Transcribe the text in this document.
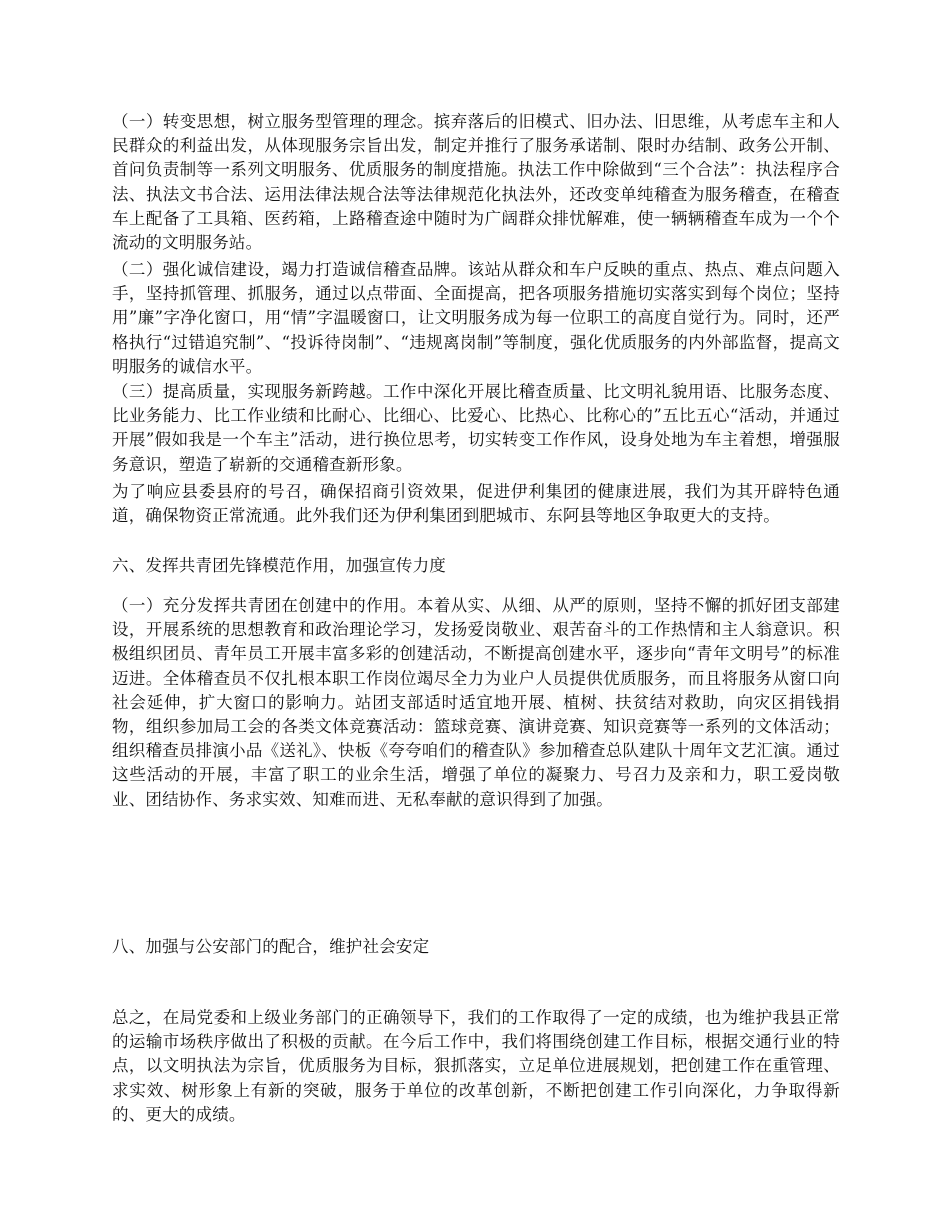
（一）转变思想，树立服务型管理的理念。摈弃落后的旧模式、旧办法、旧思维，从考虑车主和人民群众的利益出发，从体现服务宗旨出发，制定并推行了服务承诺制、限时办结制、政务公开制、首问负责制等一系列文明服务、优质服务的制度措施。执法工作中除做到“三个合法”：执法程序合法、执法文书合法、运用法律法规合法等法律规范化执法外，还改变单纯稽查为服务稽查，在稽查车上配备了工具箱、医药箱，上路稽查途中随时为广阔群众排忧解难，使一辆辆稽查车成为一个个流动的文明服务站。

（二）强化诚信建设，竭力打造诚信稽查品牌。该站从群众和车户反映的重点、热点、难点问题入手，坚持抓管理、抓服务，通过以点带面、全面提高，把各项服务措施切实落实到每个岗位；坚持用”廉”字净化窗口，用“情”字温暖窗口，让文明服务成为每一位职工的高度自觉行为。同时，还严格执行“过错追究制”、“投诉待岗制”、“违规离岗制”等制度，强化优质服务的内外部监督，提高文明服务的诚信水平。

（三）提高质量，实现服务新跨越。工作中深化开展比稽查质量、比文明礼貌用语、比服务态度、比业务能力、比工作业绩和比耐心、比细心、比爱心、比热心、比称心的”五比五心“活动，并通过开展”假如我是一个车主”活动，进行换位思考，切实转变工作作风，设身处地为车主着想，增强服务意识，塑造了崭新的交通稽查新形象。

为了响应县委县府的号召，确保招商引资效果，促进伊利集团的健康进展，我们为其开辟特色通道，确保物资正常流通。此外我们还为伊利集团到肥城市、东阿县等地区争取更大的支持。

六、发挥共青团先锋模范作用，加强宣传力度

（一）充分发挥共青团在创建中的作用。本着从实、从细、从严的原则，坚持不懈的抓好团支部建设，开展系统的思想教育和政治理论学习，发扬爱岗敬业、艰苦奋斗的工作热情和主人翁意识。积极组织团员、青年员工开展丰富多彩的创建活动，不断提高创建水平，逐步向“青年文明号”的标准迈进。全体稽查员不仅扎根本职工作岗位竭尽全力为业户人员提供优质服务，而且将服务从窗口向社会延伸，扩大窗口的影响力。站团支部适时适宜地开展、植树、扶贫结对救助，向灾区捐钱捐物，组织参加局工会的各类文体竞赛活动：篮球竞赛、演讲竞赛、知识竞赛等一系列的文体活动；组织稽查员排演小品《送礼》、快板《夸夸咱们的稽查队》参加稽查总队建队十周年文艺汇演。通过这些活动的开展，丰富了职工的业余生活，增强了单位的凝聚力、号召力及亲和力，职工爱岗敬业、团结协作、务求实效、知难而进、无私奉献的意识得到了加强。

八、加强与公安部门的配合，维护社会安定

总之，在局党委和上级业务部门的正确领导下，我们的工作取得了一定的成绩，也为维护我县正常的运输市场秩序做出了积极的贡献。在今后工作中，我们将围绕创建工作目标，根据交通行业的特点，以文明执法为宗旨，优质服务为目标，狠抓落实，立足单位进展规划，把创建工作在重管理、求实效、树形象上有新的突破，服务于单位的改革创新，不断把创建工作引向深化，力争取得新的、更大的成绩。
